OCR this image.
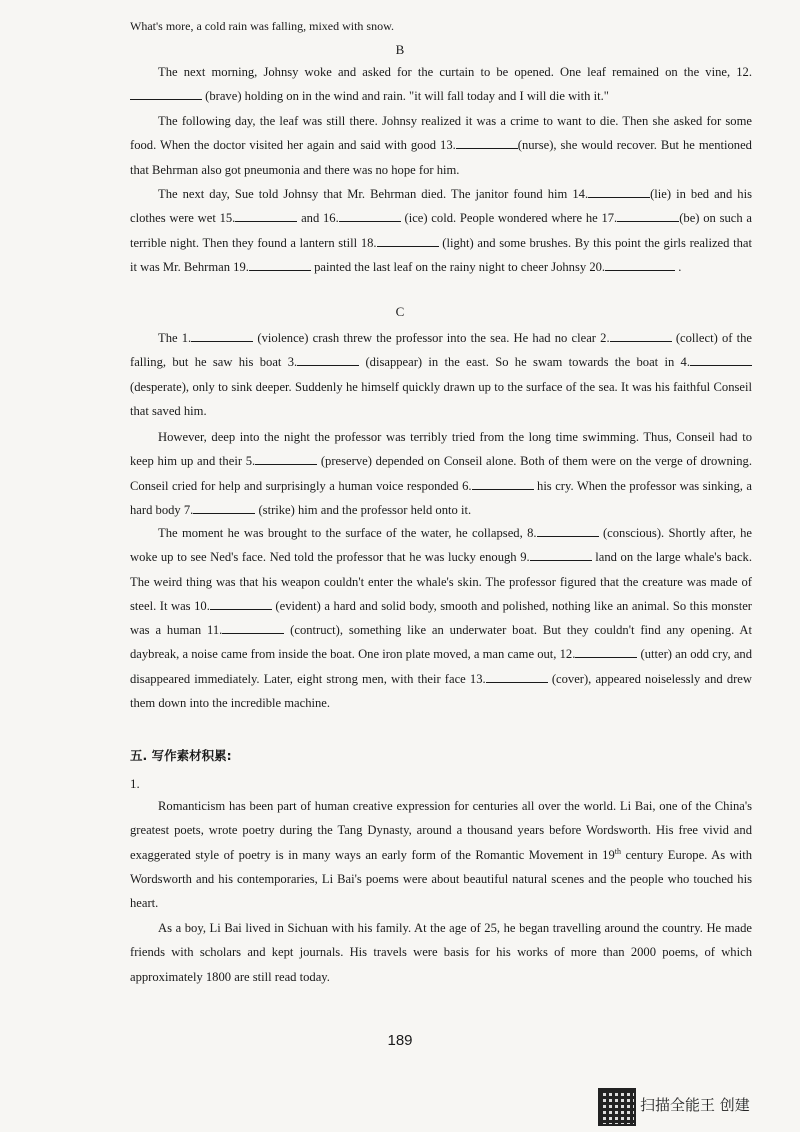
What's more, a cold rain was falling, mixed with snow.

B

The next morning, Johnsy woke and asked for the curtain to be opened. One leaf remained on the vine, 12. (brave) holding on in the wind and rain. "it will fall today and I will die with it."

The following day, the leaf was still there. Johnsy realized it was a crime to want to die. Then she asked for some food. When the doctor visited her again and said with good 13.	(nurse), she would recover. But he mentioned that Behrman also got pneumonia and there was no hope for him.

The next day, Sue told Johnsy that Mr. Behrman died. The janitor found him 14.	(lie) in bed and his clothes were wet 15.	and 16.	(ice) cold. People wondered where he 17.	(be) on such a terrible night. Then they found a lantern still 18.	(light) and some brushes. By this point the girls realized that it was Mr. Behrman 19.	painted the last leaf on the rainy night to cheer Johnsy 20.	.

C

The 1.	(violence) crash threw the professor into the sea. He had no clear 2.	(collect) of the falling, but he saw his boat 3.	(disappear) in the east. So he swam towards the boat in 4.(desperate), only to sink deeper. Suddenly he himself quickly drawn up to the surface of the sea. It was his faithful Conseil that saved him.

However, deep into the night the professor was terribly tried from the long time swimming. Thus, Conseil had to keep him up and their 5.	(preserve) depended on Conseil alone. Both of them were on the verge of drowning. Conseil cried for help and surprisingly a human voice responded 6.	his cry. When the professor was sinking, a hard body 7.	(strike) him and the professor held onto it.

The moment he was brought to the surface of the water, he collapsed, 8.	(conscious). Shortly after, he woke up to see Ned's face. Ned told the professor that he was lucky enough 9.	land on the large whale's back. The weird thing was that his weapon couldn't enter the whale's skin. The professor figured that the creature was made of steel. It was 10.	(evident) a hard and solid body, smooth and polished, nothing like an animal. So this monster was a human 11.	(contruct), something like an underwater boat. But they couldn't find any opening. At daybreak, a noise came from inside the boat. One iron plate moved, a man came out, 12.	(utter) an odd cry, and disappeared immediately. Later, eight strong men, with their face 13.	(cover), appeared noiselessly and drew them down into the incredible machine.

五. 写作素材积累:
1.

Romanticism has been part of human creative expression for centuries all over the world. Li Bai, one of the China's greatest poets, wrote poetry during the Tang Dynasty, around a thousand years before Wordsworth. His free vivid and exaggerated style of poetry is in many ways an early form of the Romantic Movement in 19th century Europe. As with Wordsworth and his contemporaries, Li Bai's poems were about beautiful natural scenes and the people who touched his heart.

As a boy, Li Bai lived in Sichuan with his family. At the age of 25, he began travelling around the country. He made friends with scholars and kept journals. His travels were basis for his works of more than 2000 poems, of which approximately 1800 are still read today.

189
扫描全能王 创建
